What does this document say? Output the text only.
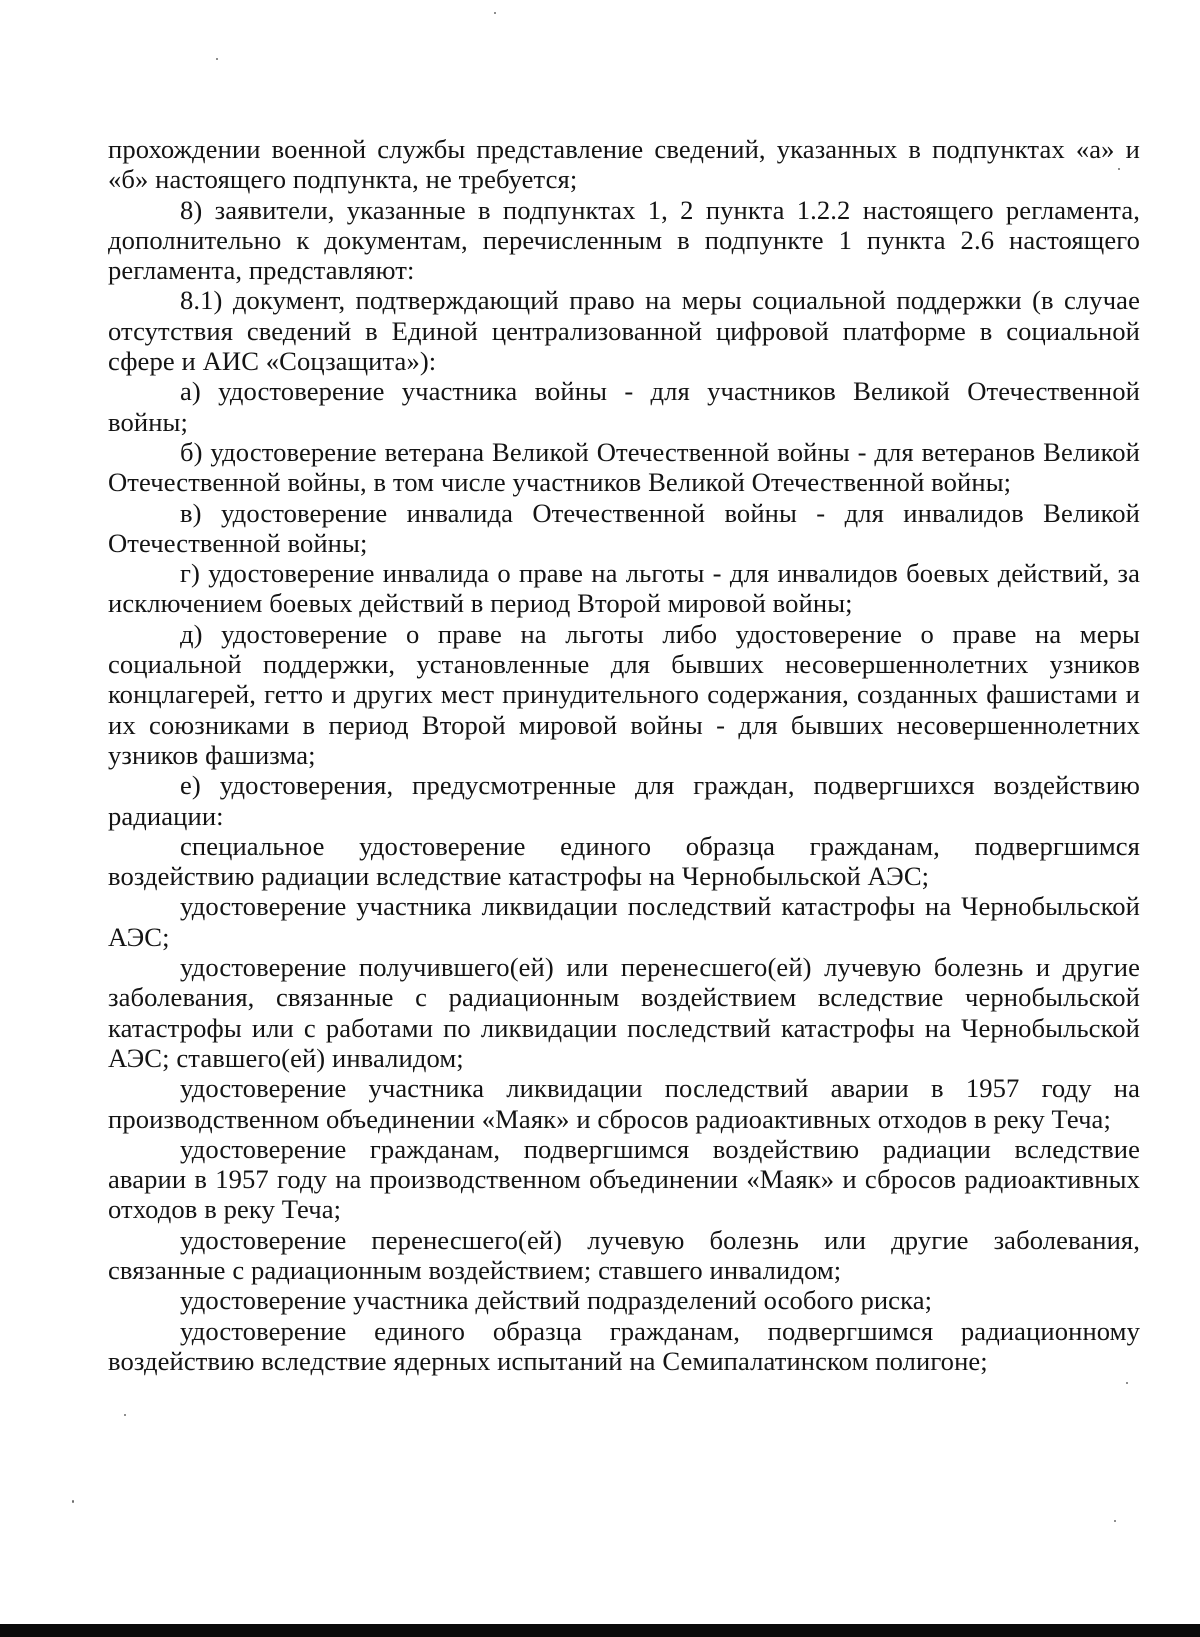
прохождении военной службы представление сведений, указанных в подпунктах «а» и «б» настоящего подпункта, не требуется;

8) заявители, указанные в подпунктах 1, 2 пункта 1.2.2 настоящего регламента, дополнительно к документам, перечисленным в подпункте 1 пункта 2.6 настоящего регламента, представляют:

8.1) документ, подтверждающий право на меры социальной поддержки (в случае отсутствия сведений в Единой централизованной цифровой платформе в социальной сфере и АИС «Соцзащита»):

а) удостоверение участника войны - для участников Великой Отечественной войны;

б) удостоверение ветерана Великой Отечественной войны - для ветеранов Великой Отечественной войны, в том числе участников Великой Отечественной войны;

в) удостоверение инвалида Отечественной войны - для инвалидов Великой Отечественной войны;

г) удостоверение инвалида о праве на льготы - для инвалидов боевых действий, за исключением боевых действий в период Второй мировой войны;

д) удостоверение о праве на льготы либо удостоверение о праве на меры социальной поддержки, установленные для бывших несовершеннолетних узников концлагерей, гетто и других мест принудительного содержания, созданных фашистами и их союзниками в период Второй мировой войны - для бывших несовершеннолетних узников фашизма;

е) удостоверения, предусмотренные для граждан, подвергшихся воздействию радиации:

специальное удостоверение единого образца гражданам, подвергшимся воздействию радиации вследствие катастрофы на Чернобыльской АЭС;

удостоверение участника ликвидации последствий катастрофы на Чернобыльской АЭС;

удостоверение получившего(ей) или перенесшего(ей) лучевую болезнь и другие заболевания, связанные с радиационным воздействием вследствие чернобыльской катастрофы или с работами по ликвидации последствий катастрофы на Чернобыльской АЭС; ставшего(ей) инвалидом;

удостоверение участника ликвидации последствий аварии в 1957 году на производственном объединении «Маяк» и сбросов радиоактивных отходов в реку Теча;

удостоверение гражданам, подвергшимся воздействию радиации вследствие аварии в 1957 году на производственном объединении «Маяк» и сбросов радиоактивных отходов в реку Теча;

удостоверение перенесшего(ей) лучевую болезнь или другие заболевания, связанные с радиационным воздействием; ставшего инвалидом;

удостоверение участника действий подразделений особого риска;

удостоверение единого образца гражданам, подвергшимся радиационному воздействию вследствие ядерных испытаний на Семипалатинском полигоне;
